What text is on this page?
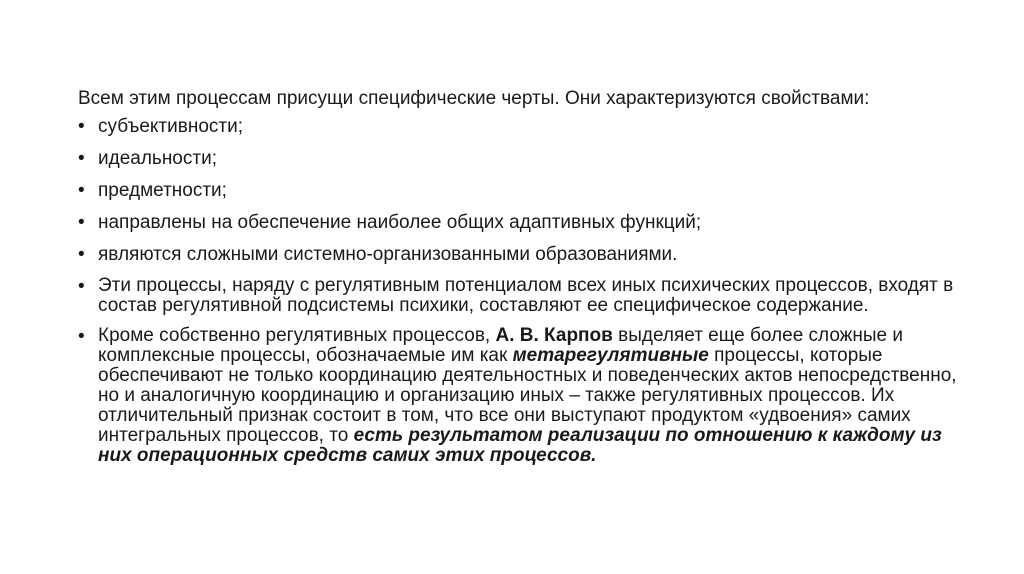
Всем этим процессам присущи специфические черты. Они характеризуются свойствами:

• субъективности;
• идеальности;
• предметности;
• направлены на обеспечение наиболее общих адаптивных функций;
• являются сложными системно-организованными образованиями.
• Эти процессы, наряду с регулятивным потенциалом всех иных психических процессов, входят в состав регулятивной подсистемы психики, составляют ее специфическое содержание.
• Кроме собственно регулятивных процессов, А. В. Карпов выделяет еще более сложные и комплексные процессы, обозначаемые им как метарегулятивные процессы, которые обеспечивают не только координацию деятельностных и поведенческих актов непосредственно, но и аналогичную координацию и организацию иных – также регулятивных процессов. Их отличительный признак состоит в том, что все они выступают продуктом «удвоения» самих интегральных процессов, то есть результатом реализации по отношению к каждому из них операционных средств самих этих процессов.
